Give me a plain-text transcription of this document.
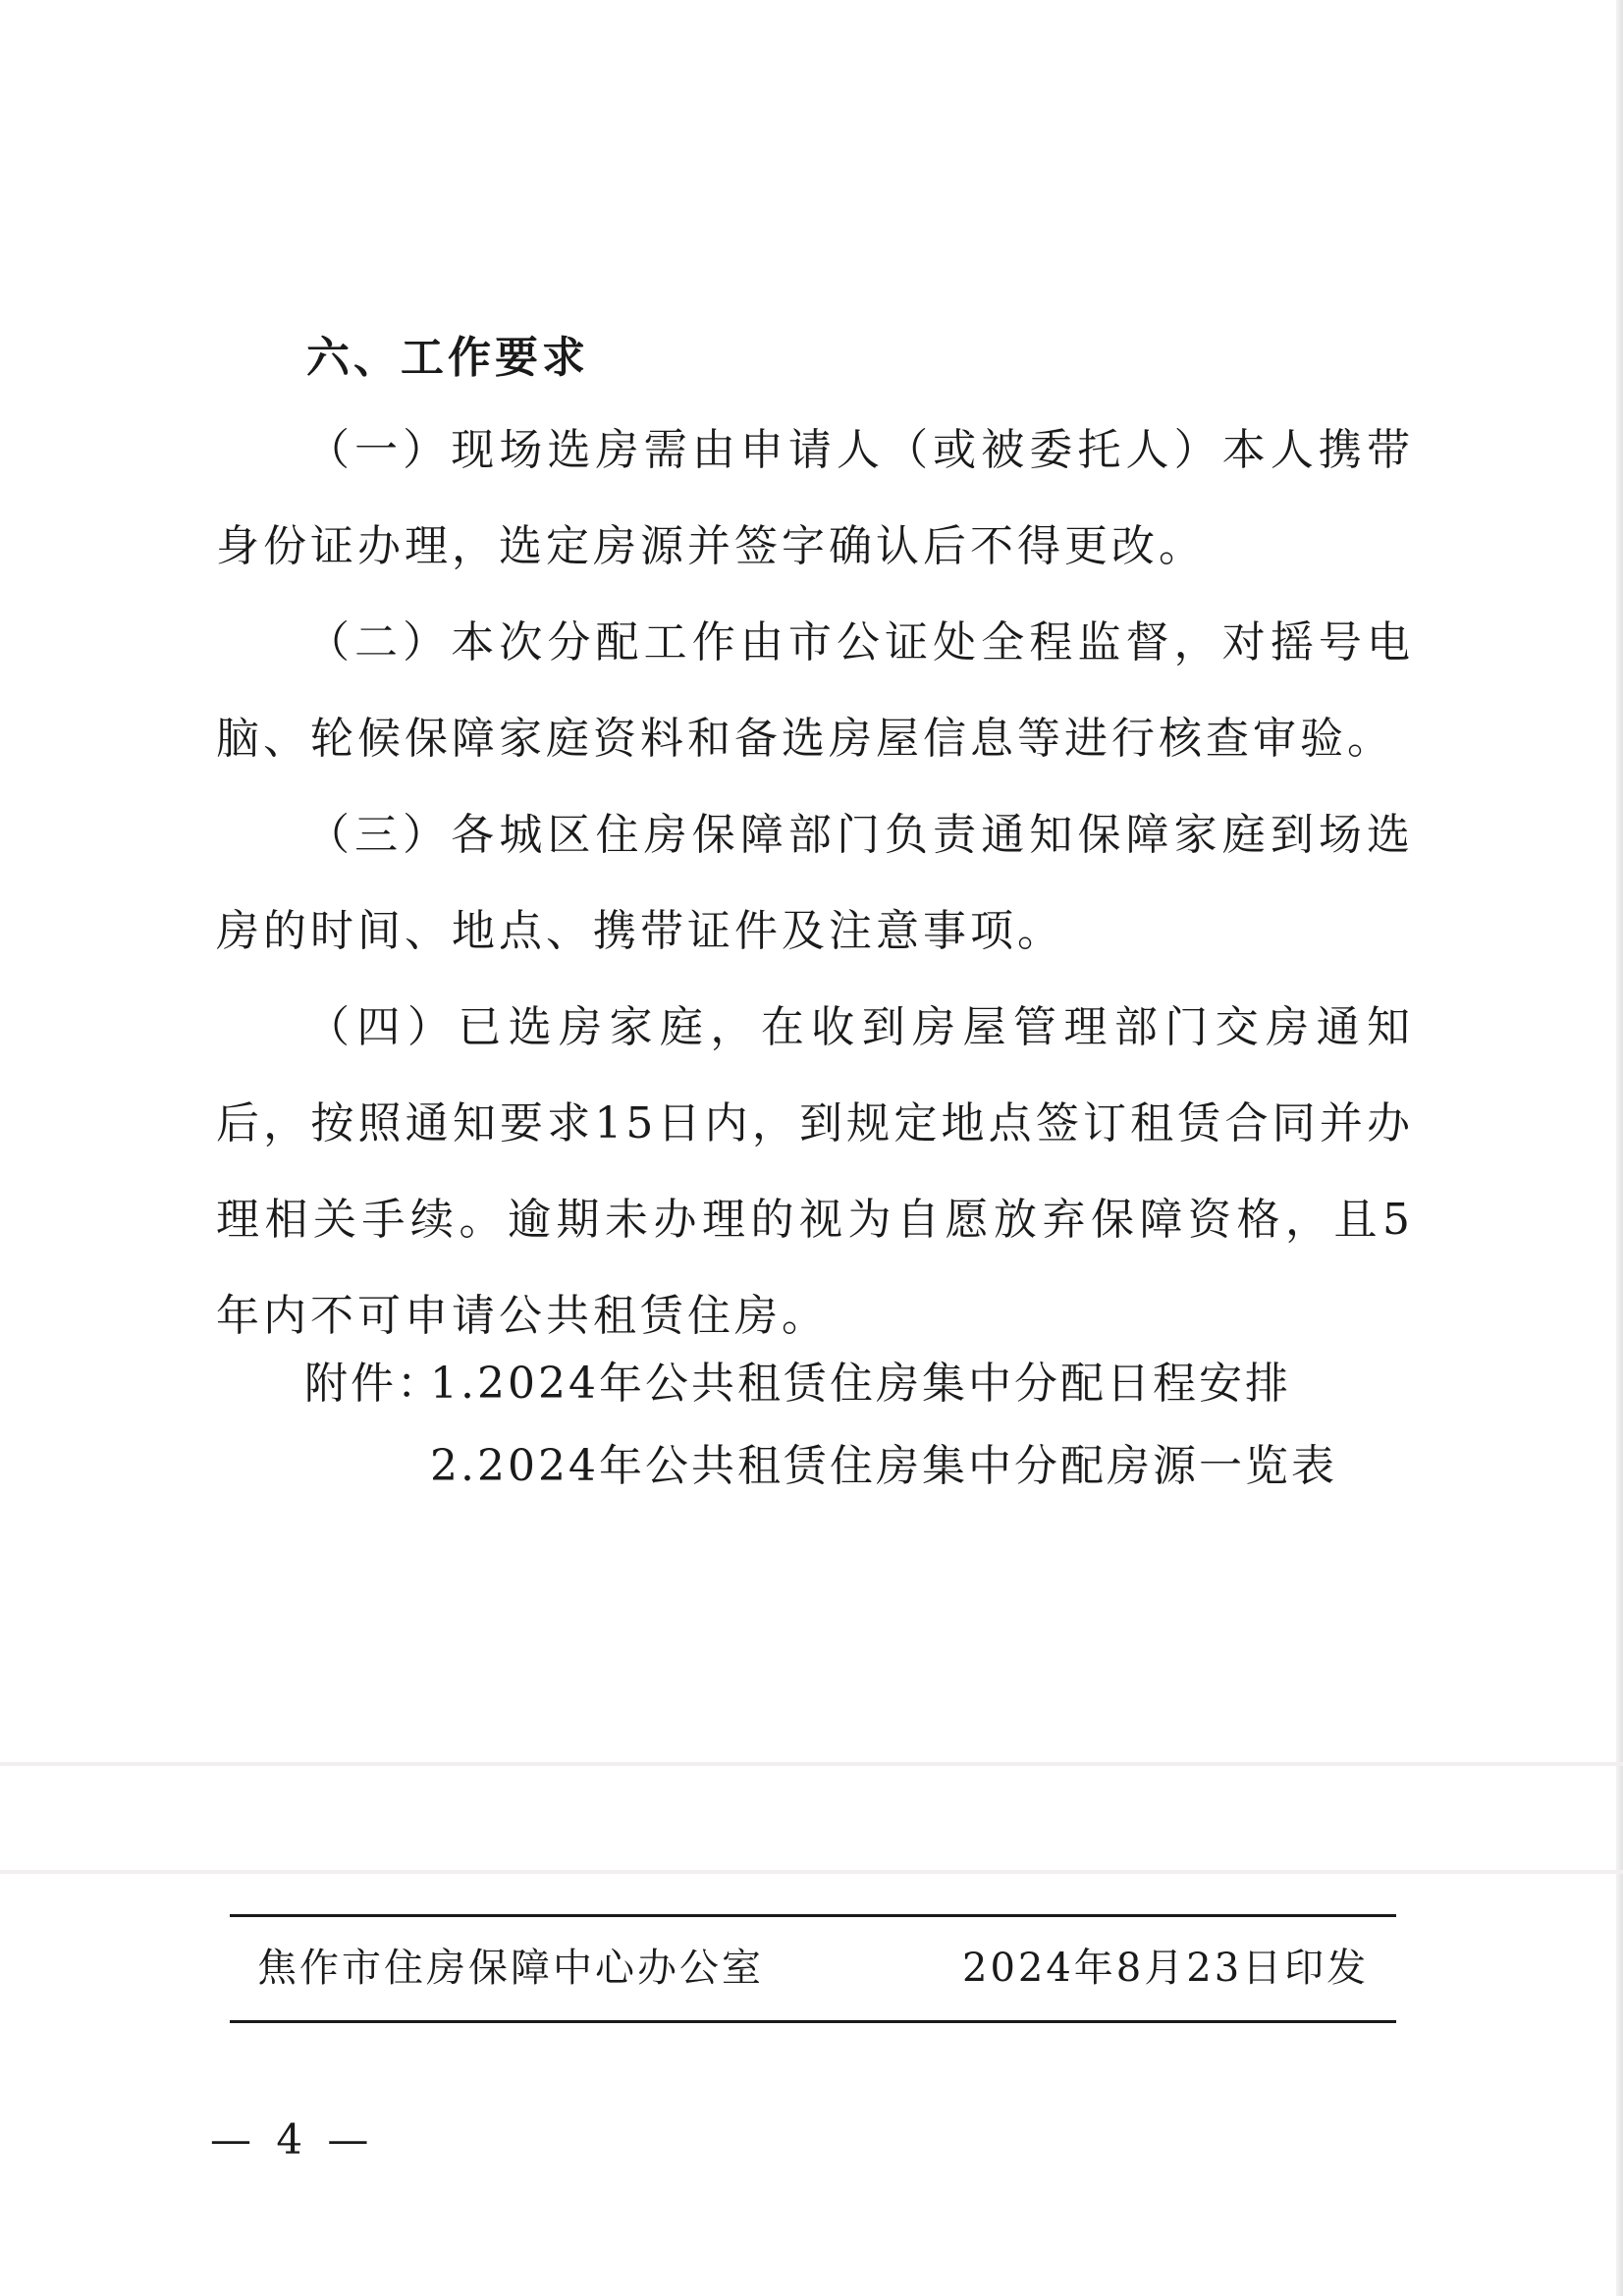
六、工作要求

（一）现场选房需由申请人（或被委托人）本人携带身份证办理，选定房源并签字确认后不得更改。

（二）本次分配工作由市公证处全程监督，对摇号电脑、轮候保障家庭资料和备选房屋信息等进行核查审验。

（三）各城区住房保障部门负责通知保障家庭到场选房的时间、地点、携带证件及注意事项。

（四）已选房家庭，在收到房屋管理部门交房通知后，按照通知要求15日内，到规定地点签订租赁合同并办理相关手续。逾期未办理的视为自愿放弃保障资格，且5年内不可申请公共租赁住房。

附件：1.2024年公共租赁住房集中分配日程安排
2.2024年公共租赁住房集中分配房源一览表
焦作市住房保障中心办公室	2024年8月23日印发
— 4 —
